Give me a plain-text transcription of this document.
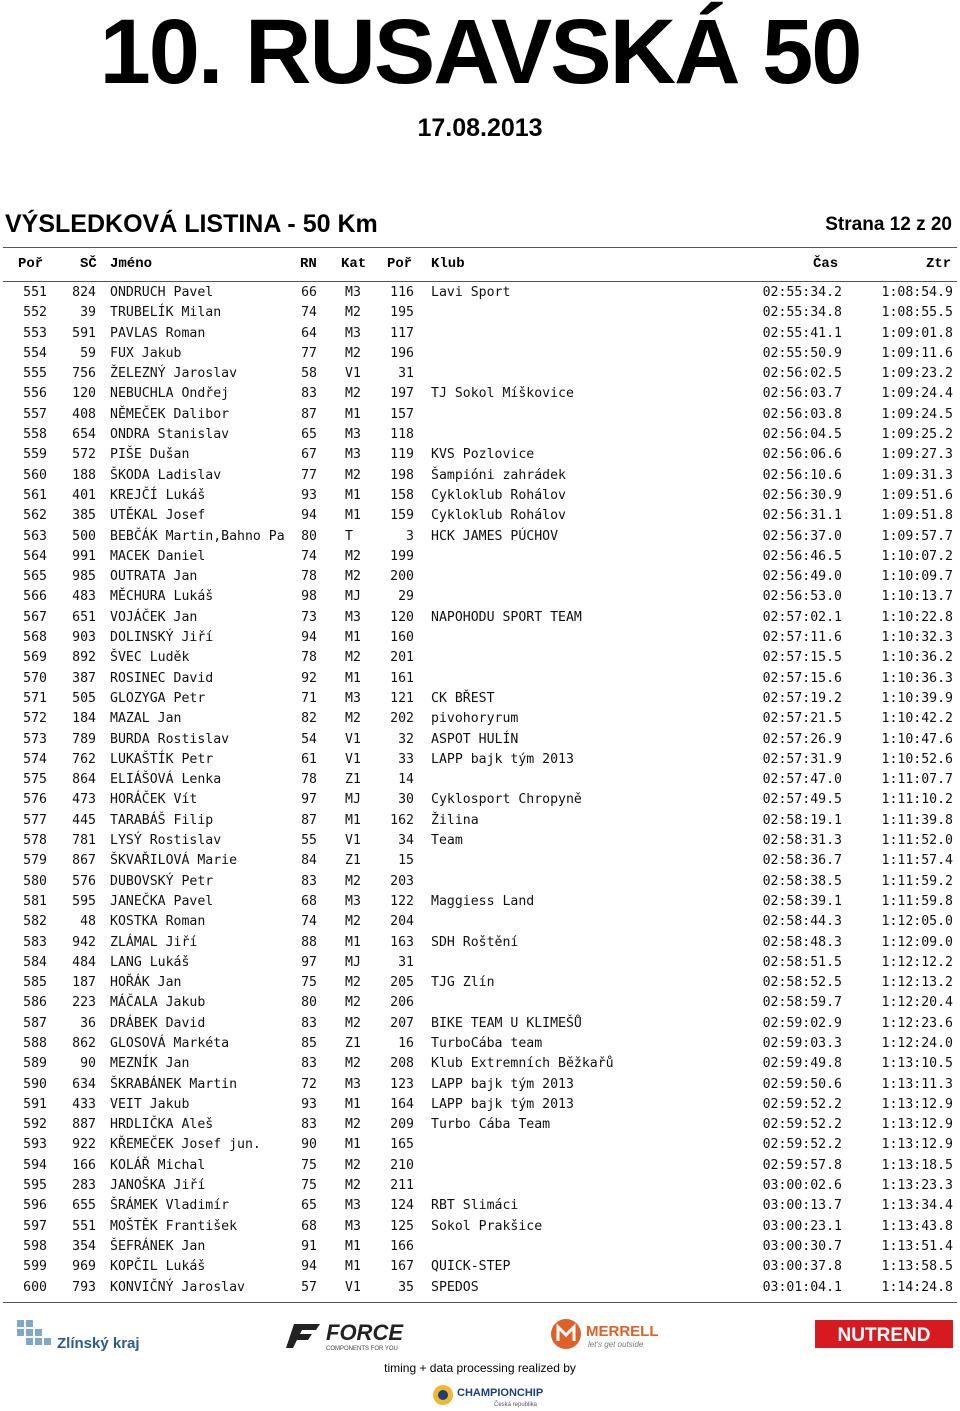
10. RUSAVSKÁ 50
17.08.2013
VÝSLEDKOVÁ LISTINA - 50 Km	Strana 12 z 20
Poř	SČ Jméno	RN Kat Poř Klub	Čas	Ztr
551 824 ONDRUCH Pavel	66 M3 116 Lavi Sport	02:55:34.2	1:08:54.9
552	39 TRUBELÍK Milan	74 M2 195	02:55:34.8	1:08:55.5
553 591 PAVLAS Roman	64 M3 117	02:55:41.1	1:09:01.8
554	59 FUX Jakub	77 M2 196	02:55:50.9	1:09:11.6
555 756 ŽELEZNÝ Jaroslav	58 V1	31	02:56:02.5	1:09:23.2
556 120 NEBUCHLA Ondřej	83 M2 197 TJ Sokol Míškovice	02:56:03.7	1:09:24.4
557 408 NĚMEČEK Dalibor	87 M1 157	02:56:03.8	1:09:24.5
558 654 ONDRA Stanislav	65 M3 118	02:56:04.5	1:09:25.2
559 572 PIŠE Dušan	67 M3 119 KVS Pozlovice	02:56:06.6	1:09:27.3
560 188 ŠKODA Ladislav	77 M2 198 Šampióni zahrádek	02:56:10.6	1:09:31.3
561 401 KREJČÍ Lukáš	93 M1 158 Cykloklub Rohálov	02:56:30.9	1:09:51.6
562 385 UTĚKAL Josef	94 M1 159 Cykloklub Rohálov	02:56:31.1	1:09:51.8
563 500 BEBČÁK Martin,Bahno Pa 80 T	3 HCK JAMES PÚCHOV	02:56:37.0	1:09:57.7
564 991 MACEK Daniel	74 M2 199	02:56:46.5	1:10:07.2
565 985 OUTRATA Jan	78 M2 200	02:56:49.0	1:10:09.7
566 483 MĚCHURA Lukáš	98 MJ	29	02:56:53.0	1:10:13.7
567 651 VOJÁČEK Jan	73 M3 120 NAPOHODU SPORT TEAM	02:57:02.1	1:10:22.8
568 903 DOLINSKÝ Jiří	94 M1 160	02:57:11.6	1:10:32.3
569 892 ŠVEC Luděk	78 M2 201	02:57:15.5	1:10:36.2
570 387 ROSINEC David	92 M1 161	02:57:15.6	1:10:36.3
571 505 GLOZYGA Petr	71 M3 121 CK BŘEST	02:57:19.2	1:10:39.9
572 184 MAZAL Jan	82 M2 202 pivohoryrum	02:57:21.5	1:10:42.2
573 789 BURDA Rostislav	54 V1	32 ASPOT HULÍN	02:57:26.9	1:10:47.6
574 762 LUKAŠTÍK Petr	61 V1	33 LAPP bajk tým 2013	02:57:31.9	1:10:52.6
575 864 ELIÁŠOVÁ Lenka	78 Z1	14	02:57:47.0	1:11:07.7
576 473 HORÁČEK Vít	97 MJ	30 Cyklosport Chropyně	02:57:49.5	1:11:10.2
577 445 TARABÁŠ Filip	87 M1 162 Žilina	02:58:19.1	1:11:39.8
578 781 LYSÝ Rostislav	55 V1	34 Team	02:58:31.3	1:11:52.0
579 867 ŠKVAŘILOVÁ Marie	84 Z1	15	02:58:36.7	1:11:57.4
580 576 DUBOVSKÝ Petr	83 M2 203	02:58:38.5	1:11:59.2
581 595 JANEČKA Pavel	68 M3 122 Maggiess Land	02:58:39.1	1:11:59.8
582	48 KOSTKA Roman	74 M2 204	02:58:44.3	1:12:05.0
583 942 ZLÁMAL Jiří	88 M1 163 SDH Roštění	02:58:48.3	1:12:09.0
584 484 LANG Lukáš	97 MJ	31	02:58:51.5	1:12:12.2
585 187 HOŘÁK Jan	75 M2 205 TJG Zlín	02:58:52.5	1:12:13.2
586 223 MÁČALA Jakub	80 M2 206	02:58:59.7	1:12:20.4
587	36 DRÁBEK David	83 M2 207 BIKE TEAM U KLIMEŠŮ	02:59:02.9	1:12:23.6
588 862 GLOSOVÁ Markéta	85 Z1	16 TurboCába team	02:59:03.3	1:12:24.0
589	90 MEZNÍK Jan	83 M2 208 Klub Extremních Běžkařů	02:59:49.8	1:13:10.5
590 634 ŠKRABÁNEK Martin	72 M3 123 LAPP bajk tým 2013	02:59:50.6	1:13:11.3
591 433 VEIT Jakub	93 M1 164 LAPP bajk tým 2013	02:59:52.2	1:13:12.9
592 887 HRDLIČKA Aleš	83 M2 209 Turbo Cába Team	02:59:52.2	1:13:12.9
593 922 KŘEMEČEK Josef jun.	90 M1 165	02:59:52.2	1:13:12.9
594 166 KOLÁŘ Michal	75 M2 210	02:59:57.8	1:13:18.5
595 283 JANOŠKA Jiří	75 M2 211	03:00:02.6	1:13:23.3
596 655 ŠRÁMEK Vladimír	65 M3 124 RBT Slimáci	03:00:13.7	1:13:34.4
597 551 MOŠTĚK František	68 M3 125 Sokol Prakšice	03:00:23.1	1:13:43.8
598 354 ŠEFRÁNEK Jan	91 M1 166	03:00:30.7	1:13:51.4
599 969 KOPČIL Lukáš	94 M1 167 QUICK-STEP	03:00:37.8	1:13:58.5
600 793 KONVIČNÝ Jaroslav	57 V1	35 SPEDOS	03:01:04.1	1:14:24.8
Zlínský kraj	FORCE
COMPONENTS FOR YOU
MERRELL
let's get outside	NUTREND
timing + data processing realized by
CHAMPIONCHIP
Česká republika
